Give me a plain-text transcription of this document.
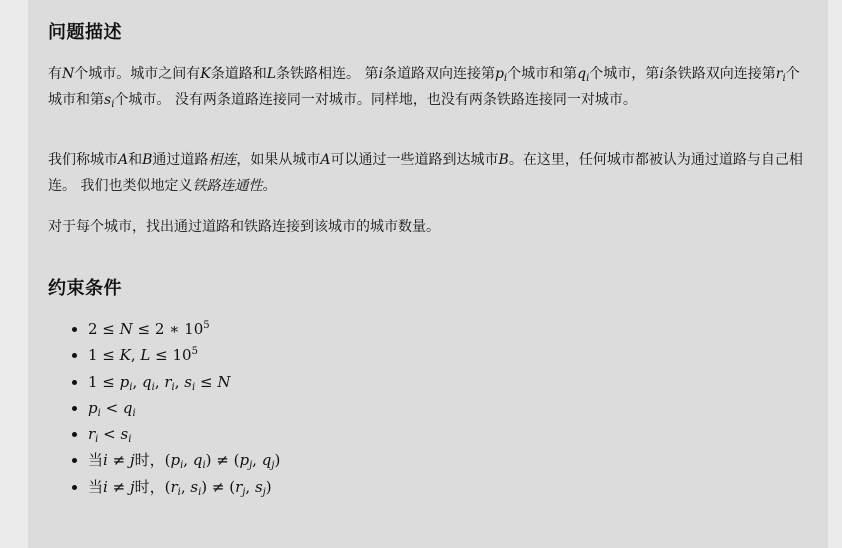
问题描述

有N个城市。城市之间有K条道路和L条铁路相连。 第i条道路双向连接第$p_i$个城市和第$q_i$个城市，第i条铁路双向连接第$r_i$个城市和第$s_i$个城市。 没有两条道路连接同一对城市。同样地，也没有两条铁路连接同一对城市。

我们称城市A和B通过道路相连，如果从城市A可以通过一些道路到达城市B。在这里，任何城市都被认为通过道路与自己相连。 我们也类似地定义铁路连通性。

对于每个城市，找出通过道路和铁路连接到该城市的城市数量。

约束条件
• 2 ≤ N ≤ 2 ∗ $10^5$
• 1 ≤ K, $L \le 10^5$
• $1 \le p_i$, $q_i$, $r_i$, $s_i \le N$
• $p_i < q_i$
• $r_i < s_i$
• 当i ≠ j时，($p_i$, $q_i) \ne (p_j$, $q_j$)
• 当i ≠ j时，($r_i$, $s_i) \ne (r_j$, $s_j$)
